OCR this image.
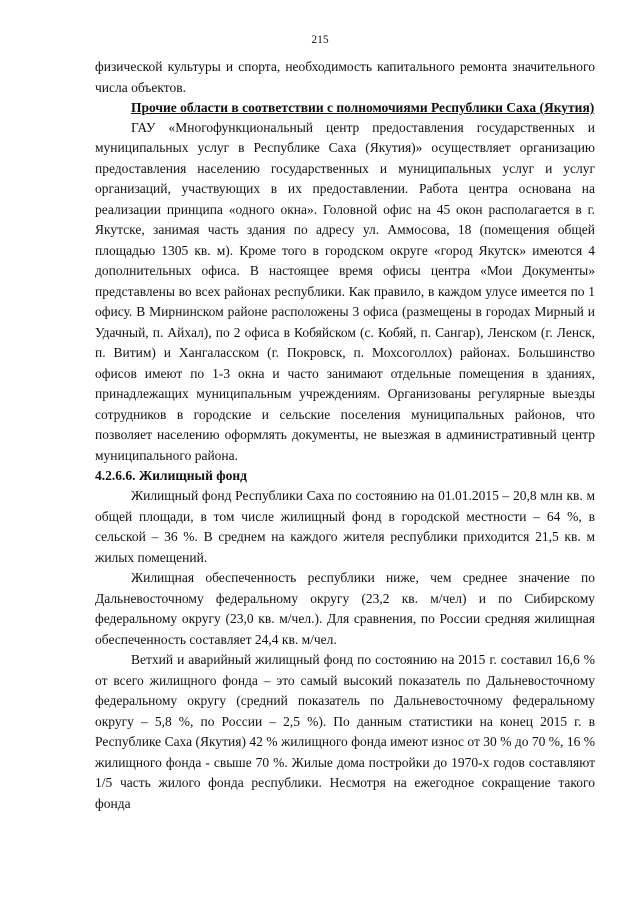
215

физической культуры и спорта, необходимость капитального ремонта значительного числа объектов.

Прочие области в соответствии с полномочиями Республики Саха (Якутия)

ГАУ «Многофункциональный центр предоставления государственных и муниципальных услуг в Республике Саха (Якутия)» осуществляет организацию предоставления населению государственных и муниципальных услуг и услуг организаций, участвующих в их предоставлении. Работа центра основана на реализации принципа «одного окна». Головной офис на 45 окон располагается в г. Якутске, занимая часть здания по адресу ул. Аммосова, 18 (помещения общей площадью 1305 кв. м). Кроме того в городском округе «город Якутск» имеются 4 дополнительных офиса. В настоящее время офисы центра «Мои Документы» представлены во всех районах республики. Как правило, в каждом улусе имеется по 1 офису. В Мирнинском районе расположены 3 офиса (размещены в городах Мирный и Удачный, п. Айхал), по 2 офиса в Кобяйском (с. Кобяй, п. Сангар), Ленском (г. Ленск, п. Витим) и Хангаласском (г. Покровск, п. Мохсоголлох) районах. Большинство офисов имеют по 1-3 окна и часто занимают отдельные помещения в зданиях, принадлежащих муниципальным учреждениям. Организованы регулярные выезды сотрудников в городские и сельские поселения муниципальных районов, что позволяет населению оформлять документы, не выезжая в административный центр муниципального района.

4.2.6.6. Жилищный фонд

Жилищный фонд Республики Саха по состоянию на 01.01.2015 – 20,8 млн кв. м общей площади, в том числе жилищный фонд в городской местности – 64 %, в сельской – 36 %. В среднем на каждого жителя республики приходится 21,5 кв. м жилых помещений.

Жилищная обеспеченность республики ниже, чем среднее значение по Дальневосточному федеральному округу (23,2 кв. м/чел) и по Сибирскому федеральному округу (23,0 кв. м/чел.). Для сравнения, по России средняя жилищная обеспеченность составляет 24,4 кв. м/чел.

Ветхий и аварийный жилищный фонд по состоянию на 2015 г. составил 16,6 % от всего жилищного фонда – это самый высокий показатель по Дальневосточному федеральному округу (средний показатель по Дальневосточному федеральному округу – 5,8 %, по России – 2,5 %). По данным статистики на конец 2015 г. в Республике Саха (Якутия) 42 % жилищного фонда имеют износ от 30 % до 70 %, 16 % жилищного фонда - свыше 70 %. Жилые дома постройки до 1970-х годов составляют 1/5 часть жилого фонда республики. Несмотря на ежегодное сокращение такого фонда
